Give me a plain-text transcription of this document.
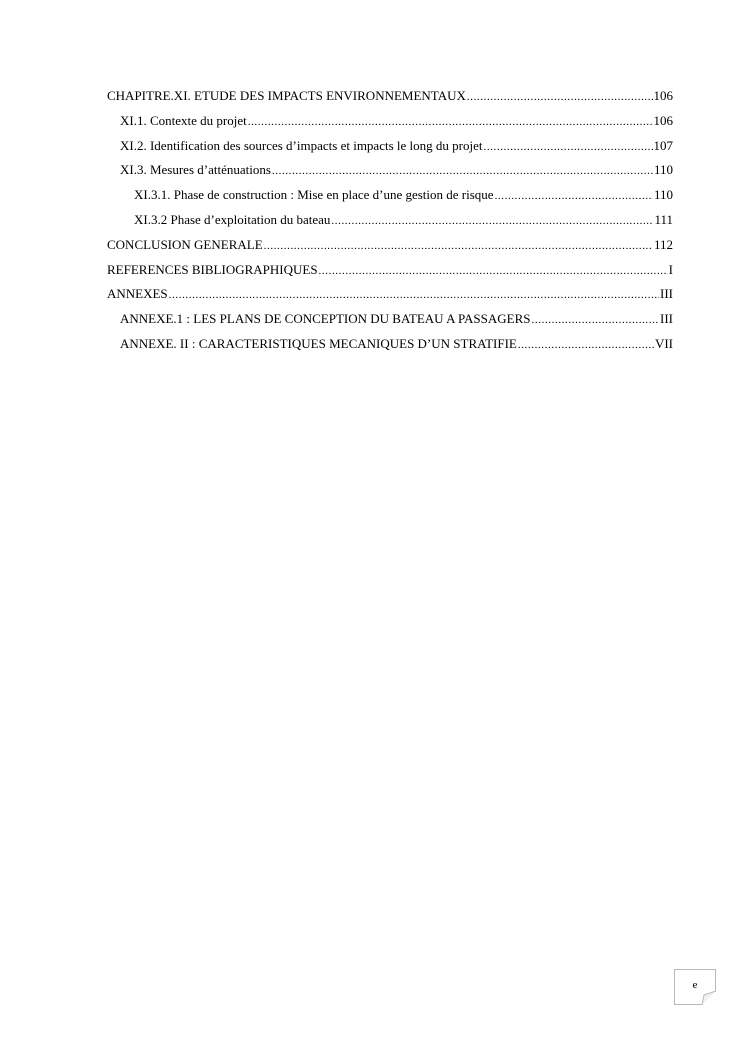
CHAPITRE.XI. ETUDE DES IMPACTS ENVIRONNEMENTAUX .....	106
XI.1. Contexte du projet .....	106
XI.2. Identification des sources d’impacts et impacts le long du projet .....	107
XI.3. Mesures d’atténuations .....	110
XI.3.1. Phase de construction : Mise en place d’une gestion de risque .....	110
XI.3.2 Phase d’exploitation du bateau .....	111
CONCLUSION GENERALE .....	112
REFERENCES BIBLIOGRAPHIQUES .....	I
ANNEXES .....	III
ANNEXE.1 : LES PLANS DE CONCEPTION DU BATEAU A PASSAGERS .....	III
ANNEXE. II : CARACTERISTIQUES MECANIQUES D’UN STRATIFIE .....	VII
e
